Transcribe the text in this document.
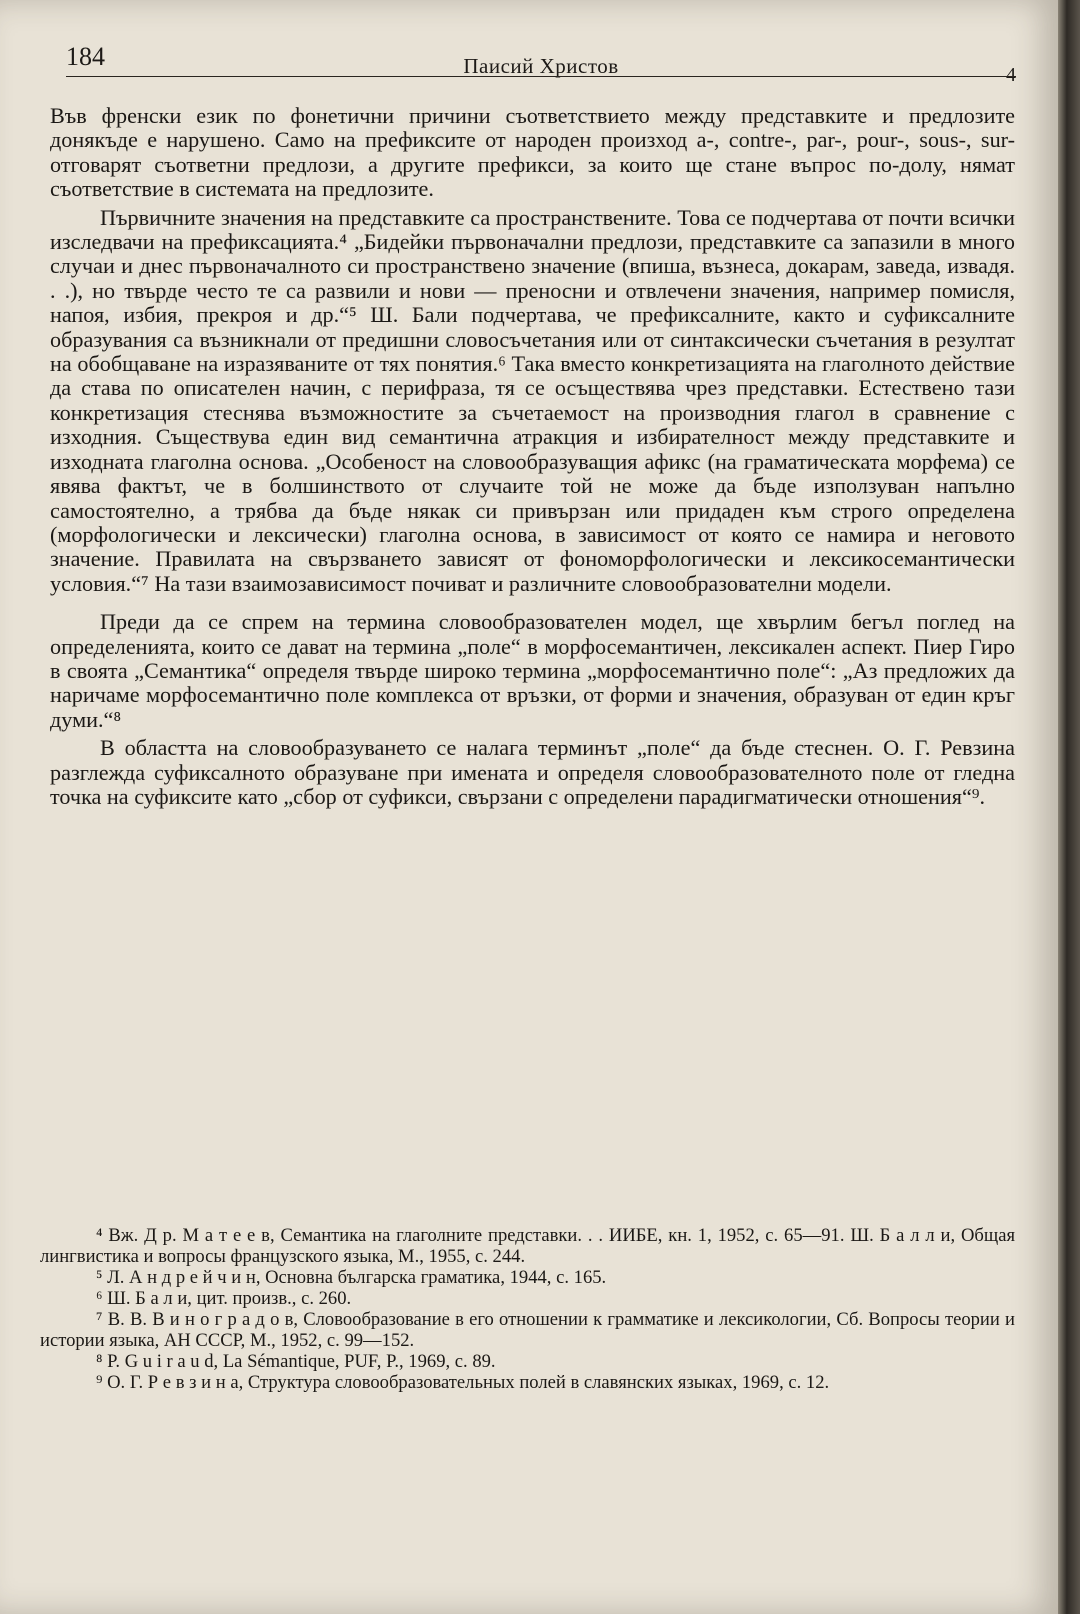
184	Паисий Христов	4

Във френски език по фонетични причини съответствието между представките и предлозите донякъде е нарушено. Само на префиксите от народен произход а-, contre-, par-, pour-, sous-, sur- отговарят съответни предлози, а другите префикси, за които ще стане въпрос по-долу, нямат съответствие в системата на предлозите.

Първичните значения на представките са пространствените. Това се подчертава от почти всички изследвачи на префиксацията.⁴ „Бидейки първоначални предлози, представките са запазили в много случаи и днес първоначалното си пространствено значение (впиша, възнеса, докарам, заведа, извадя. . .), но твърде често те са развили и нови — преносни и отвлечени значения, например помисля, напоя, избия, прекроя и др.“⁵ Ш. Бали подчертава, че префиксалните, както и суфиксалните образувания са възникнали от предишни словосъчетания или от синтаксически съчетания в резултат на обобщаване на изразяваните от тях понятия.⁶ Така вместо конкретизацията на глаголното действие да става по описателен начин, с перифраза, тя се осъществява чрез представки. Естествено тази конкретизация стеснява възможностите за съчетаемост на производния глагол в сравнение с изходния. Съществува един вид семантична атракция и избирателност между представките и изходната глаголна основа. „Особеност на словообразуващия афикс (на граматическата морфема) се явява фактът, че в болшинството от случаите той не може да бъде използуван напълно самостоятелно, а трябва да бъде някак си привързан или придаден към строго определена (морфологически и лексически) глаголна основа, в зависимост от която се намира и неговото значение. Правилата на свързването зависят от фономорфологически и лексикосемантически условия.“⁷ На тази взаимозависимост почиват и различните словообразователни модели.

Преди да се спрем на термина словообразователен модел, ще хвърлим бегъл поглед на определенията, които се дават на термина „поле“ в морфосемантичен, лексикален аспект. Пиер Гиро в своята „Семантика“ определя твърде широко термина „морфосемантично поле“: „Аз предложих да наричаме морфосемантично поле комплекса от връзки, от форми и значения, образуван от един кръг думи.“⁸

В областта на словообразуването се налага терминът „поле“ да бъде стеснен. О. Г. Ревзина разглежда суфиксалното образуване при имената и определя словообразователното поле от гледна точка на суфиксите като „сбор от суфикси, свързани с определени парадигматически отношения“⁹.

⁴ Вж. Д р. М а т е е в, Семантика на глаголните представки. . . ИИБЕ, кн. 1, 1952, с. 65—91. Ш. Б а л л и, Общая лингвистика и вопросы французского языка, М., 1955, с. 244.

⁵ Л. А н д р е й ч и н, Основна българска граматика, 1944, с. 165.

⁶ Ш. Б а л и, цит. произв., с. 260.

⁷ В. В. В и н о г р а д о в, Словообразование в его отношении к грамматике и лексикологии, Сб. Вопросы теории и истории языка, АН СССР, М., 1952, с. 99—152.

⁸ P. G u i r a u d, La Sémantique, PUF, P., 1969, c. 89.

⁹ О. Г. Р е в з и н а, Структура словообразовательных полей в славянских языках, 1969, с. 12.
